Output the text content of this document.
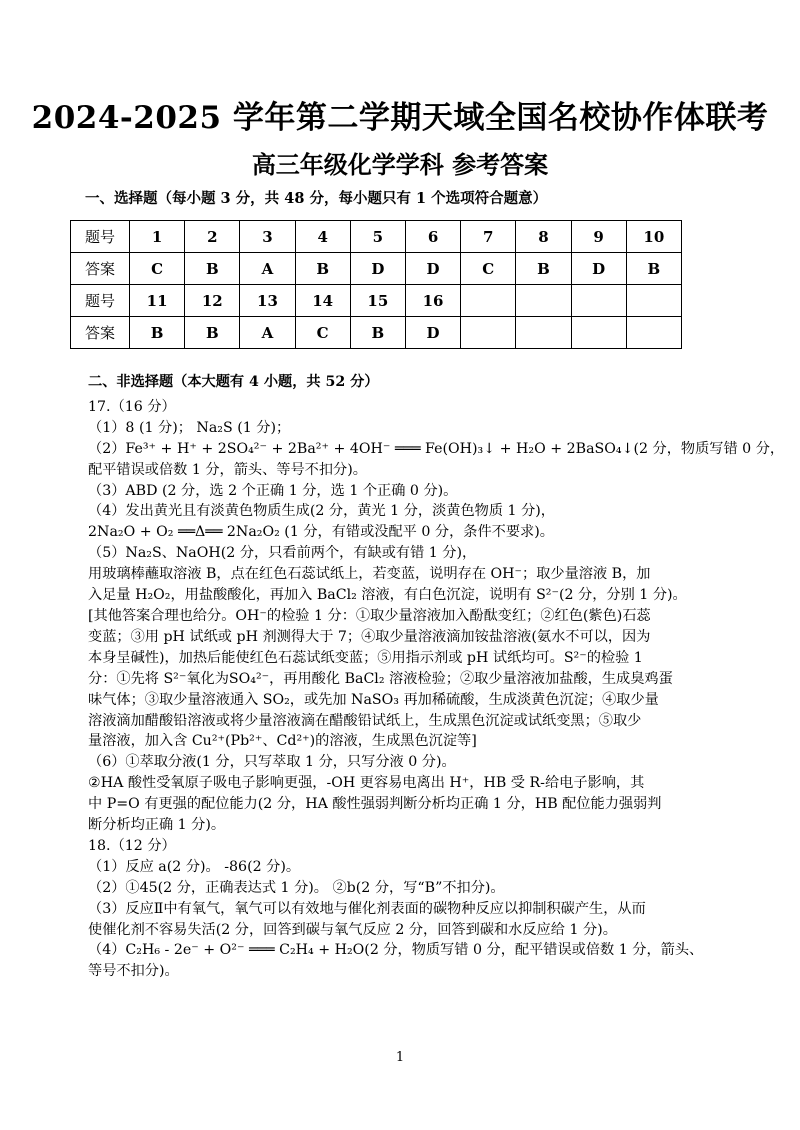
2024-2025 学年第二学期天域全国名校协作体联考
高三年级化学学科 参考答案
一、选择题（每小题 3 分，共 48 分，每小题只有 1 个选项符合题意）
题号	1	2	3	4	5	6	7	8	9	10
答案	C	B	A	B	D	D	C	B	D	B
题号	11	12	13	14	15	16				
答案	B	B	A	C	B	D				
二、非选择题（本大题有 4 小题，共 52 分）

17.（16 分）

（1）8 (1 分)； Na₂S (1 分)；

（2）Fe³⁺ + H⁺ + 2SO₄²⁻ + 2Ba²⁺ + 4OH⁻ ═══ Fe(OH)₃↓ + H₂O + 2BaSO₄↓(2 分，物质写错 0 分，

配平错误或倍数 1 分，箭头、等号不扣分)。

（3）ABD (2 分，选 2 个正确 1 分，选 1 个正确 0 分)。

（4）发出黄光且有淡黄色物质生成(2 分，黄光 1 分，淡黄色物质 1 分)，

2Na₂O + O₂ ══Δ══ 2Na₂O₂ (1 分，有错或没配平 0 分，条件不要求)。

（5）Na₂S、NaOH(2 分，只看前两个，有缺或有错 1 分)，

用玻璃棒蘸取溶液 B，点在红色石蕊试纸上，若变蓝，说明存在 OH⁻；取少量溶液 B，加

入足量 H₂O₂，用盐酸酸化，再加入 BaCl₂ 溶液，有白色沉淀，说明有 S²⁻(2 分，分别 1 分)。

[其他答案合理也给分。OH⁻的检验 1 分：①取少量溶液加入酚酞变红；②红色(紫色)石蕊

变蓝；③用 pH 试纸或 pH 剂测得大于 7；④取少量溶液滴加铵盐溶液(氨水不可以，因为

本身呈碱性)，加热后能使红色石蕊试纸变蓝；⑤用指示剂或 pH 试纸均可。S²⁻的检验 1

分：①先将 S²⁻氧化为SO₄²⁻，再用酸化 BaCl₂ 溶液检验；②取少量溶液加盐酸，生成臭鸡蛋

味气体；③取少量溶液通入 SO₂，或先加 NaSO₃ 再加稀硫酸，生成淡黄色沉淀；④取少量

溶液滴加醋酸铅溶液或将少量溶液滴在醋酸铅试纸上，生成黑色沉淀或试纸变黑；⑤取少

量溶液，加入含 Cu²⁺(Pb²⁺、Cd²⁺)的溶液，生成黑色沉淀等]

（6）①萃取分液(1 分，只写萃取 1 分，只写分液 0 分)。

②HA 酸性受氧原子吸电子影响更强，-OH 更容易电离出 H⁺，HB 受 R-给电子影响，其

中 P=O 有更强的配位能力(2 分，HA 酸性强弱判断分析均正确 1 分，HB 配位能力强弱判

断分析均正确 1 分)。

18.（12 分）

（1）反应 a(2 分)。 -86(2 分)。

（2）①45(2 分，正确表达式 1 分)。 ②b(2 分，写“B”不扣分)。

（3）反应Ⅱ中有氧气，氧气可以有效地与催化剂表面的碳物种反应以抑制积碳产生，从而

使催化剂不容易失活(2 分，回答到碳与氧气反应 2 分，回答到碳和水反应给 1 分)。

（4）C₂H₆ - 2e⁻ + O²⁻ ═══ C₂H₄ + H₂O(2 分，物质写错 0 分，配平错误或倍数 1 分，箭头、

等号不扣分)。

1
